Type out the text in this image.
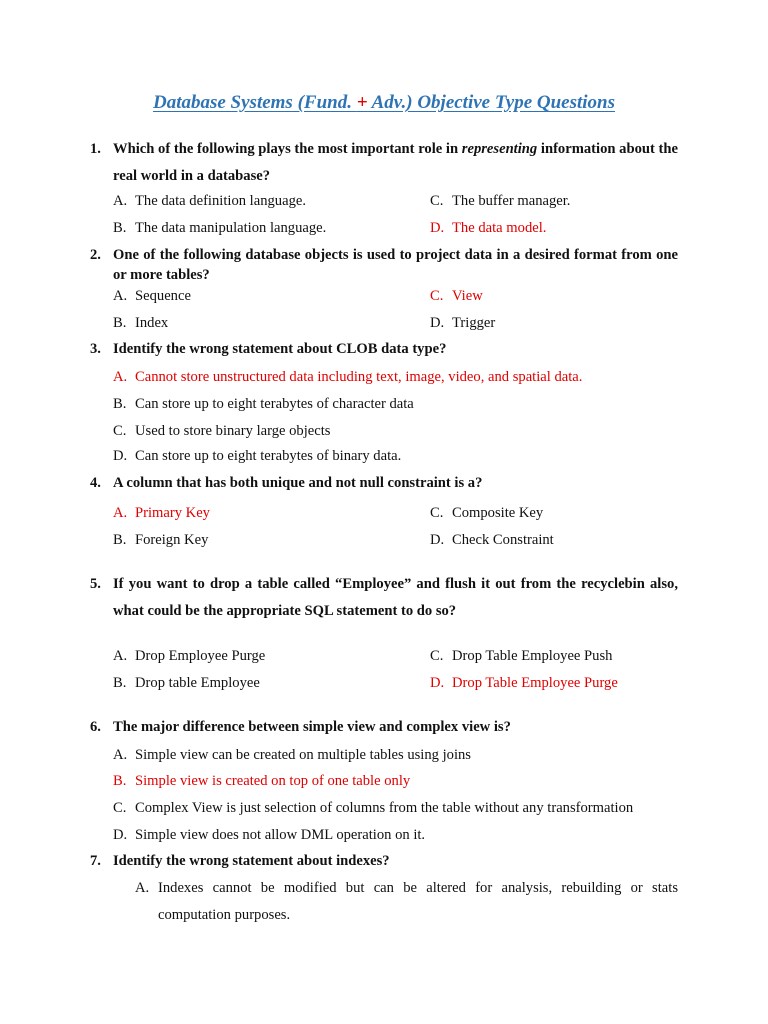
Database Systems (Fund. + Adv.) Objective Type Questions
1. Which of the following plays the most important role in representing information about the real world in a database?
A. The data definition language.
B. The data manipulation language.
C. The buffer manager.
D. The data model.
2. One of the following database objects is used to project data in a desired format from one or more tables?
A. Sequence
B. Index
C. View
D. Trigger
3. Identify the wrong statement about CLOB data type?
A. Cannot store unstructured data including text, image, video, and spatial data.
B. Can store up to eight terabytes of character data
C. Used to store binary large objects
D. Can store up to eight terabytes of binary data.
4. A column that has both unique and not null constraint is a?
A. Primary Key
B. Foreign Key
C. Composite Key
D. Check Constraint
5. If you want to drop a table called “Employee” and flush it out from the recyclebin also, what could be the appropriate SQL statement to do so?
A. Drop Employee Purge
B. Drop table Employee
C. Drop Table Employee Push
D. Drop Table Employee Purge
6. The major difference between simple view and complex view is?
A. Simple view can be created on multiple tables using joins
B. Simple view is created on top of one table only
C. Complex View is just selection of columns from the table without any transformation
D. Simple view does not allow DML operation on it.
7. Identify the wrong statement about indexes?
A. Indexes cannot be modified but can be altered for analysis, rebuilding or stats computation purposes.
